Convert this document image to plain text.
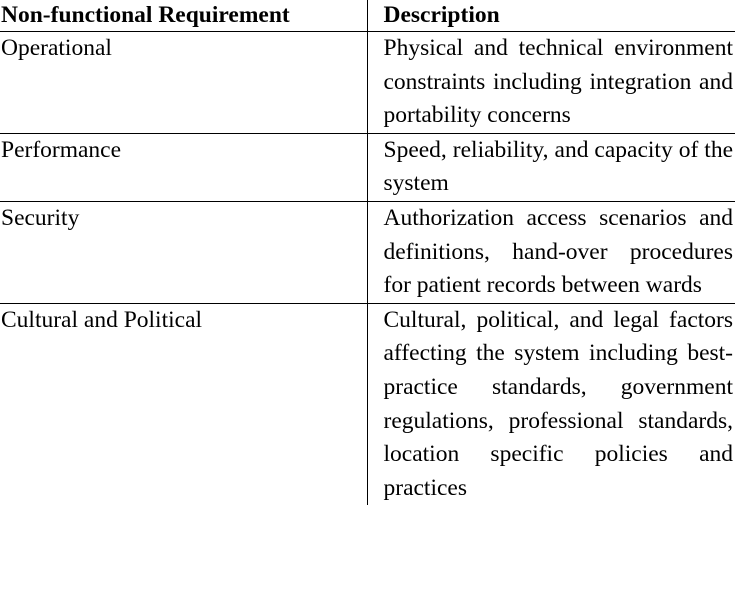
Non-functional Requirement	Description
Operational	Physical and technical environment constraints including integration and portability concerns
Performance	Speed, reliability, and capacity of the system
Security	Authorization access scenarios and definitions, hand-over procedures for patient records between wards
Cultural and Political	Cultural, political, and legal factors affecting the system including best-practice standards, government regulations, professional standards, location specific policies and practices
